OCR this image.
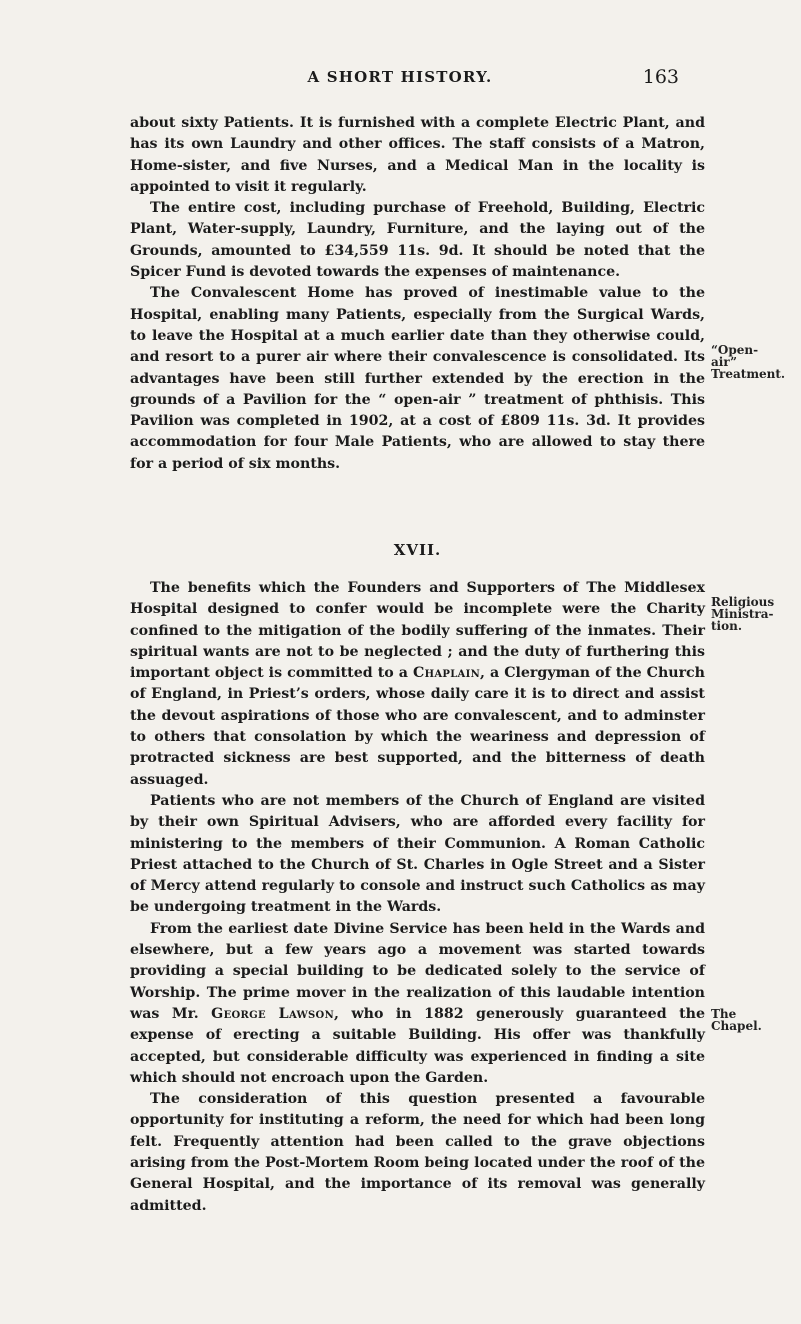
A SHORT HISTORY.	163

about sixty Patients. It is furnished with a complete Electric Plant, and has its own Laundry and other offices. The staff consists of a Matron, Home-sister, and five Nurses, and a Medical Man in the locality is appointed to visit it regularly.

The entire cost, including purchase of Freehold, Building, Electric Plant, Water-supply, Laundry, Furniture, and the laying out of the Grounds, amounted to £34,559 11s. 9d. It should be noted that the Spicer Fund is devoted towards the expenses of maintenance.

The Convalescent Home has proved of inestimable value to the Hospital, enabling many Patients, especially from the Surgical Wards, to leave the Hospital at a much earlier date than they otherwise could, and resort to a purer air where their convalescence is consolidated. Its advantages have been still further extended by the erection in the grounds of a Pavilion for the “ open-air ” treatment of phthisis. This Pavilion was completed in 1902, at a cost of £809 11s. 3d. It provides accommodation for four Male Patients, who are allowed to stay there for a period of six months.

“Open-
air”
Treatment.
XVII.

The benefits which the Founders and Supporters of The Middlesex Hospital designed to confer would be incomplete were the Charity confined to the mitigation of the bodily suffering of the inmates. Their spiritual wants are not to be neglected ; and the duty of furthering this important object is committed to a Chaplain, a Clergyman of the Church of England, in Priest’s orders, whose daily care it is to direct and assist the devout aspirations of those who are convalescent, and to adminster to others that consolation by which the weariness and depression of protracted sickness are best supported, and the bitterness of death assuaged.

Patients who are not members of the Church of England are visited by their own Spiritual Advisers, who are afforded every facility for ministering to the members of their Communion. A Roman Catholic Priest attached to the Church of St. Charles in Ogle Street and a Sister of Mercy attend regularly to console and instruct such Catholics as may be undergoing treatment in the Wards.

From the earliest date Divine Service has been held in the Wards and elsewhere, but a few years ago a movement was started towards providing a special building to be dedicated solely to the service of Worship. The prime mover in the realization of this laudable intention was Mr. George Lawson, who in 1882 generously guaranteed the expense of erecting a suitable Building. His offer was thankfully accepted, but considerable difficulty was experienced in finding a site which should not encroach upon the Garden.

The consideration of this question presented a favourable opportunity for instituting a reform, the need for which had been long felt. Frequently attention had been called to the grave objections arising from the Post-Mortem Room being located under the roof of the General Hospital, and the importance of its removal was generally admitted.

Religious
Ministra-
tion.
The
Chapel.
